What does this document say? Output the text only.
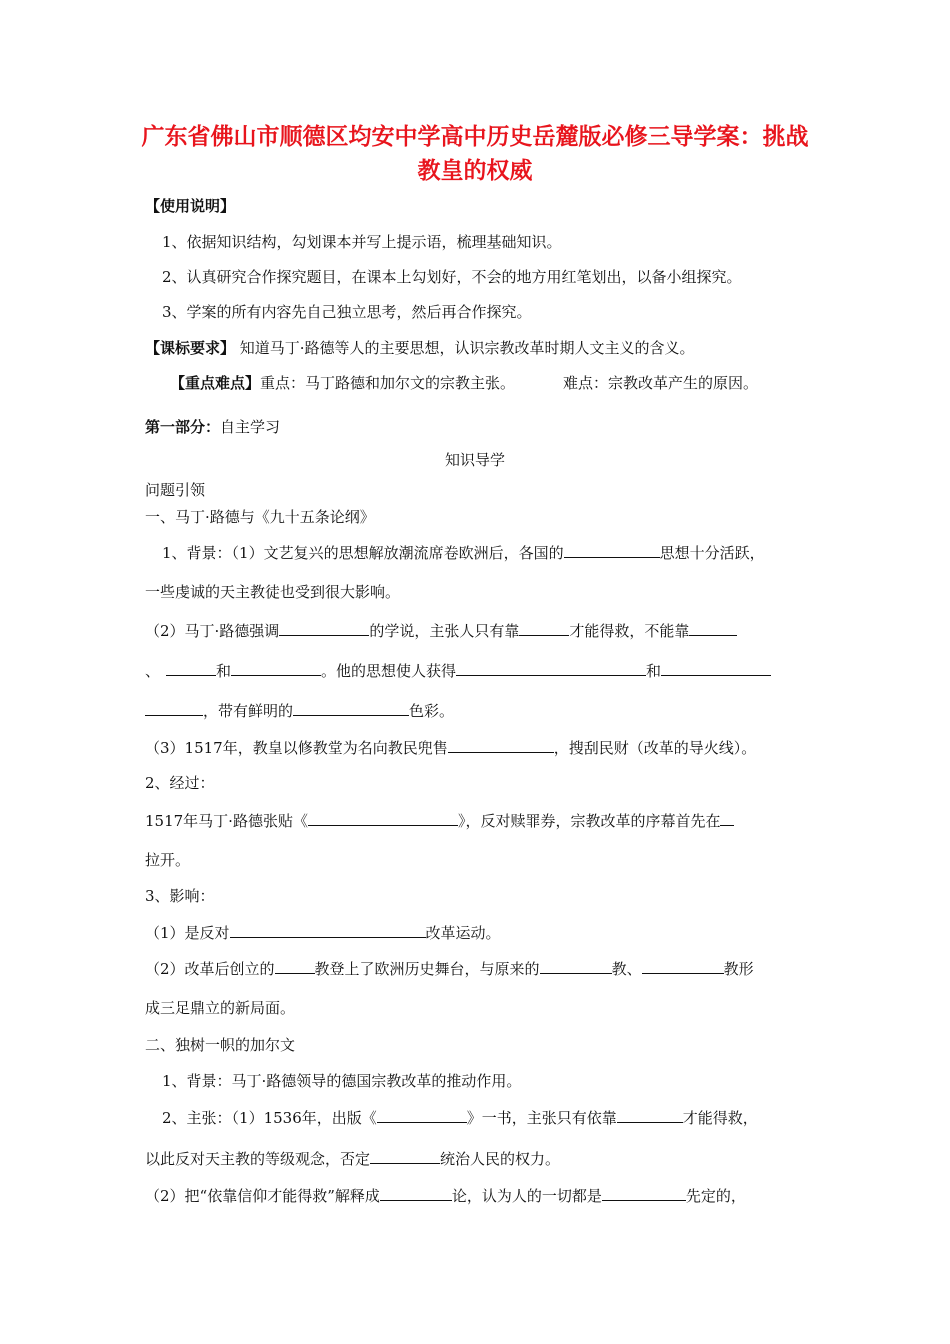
广东省佛山市顺德区均安中学高中历史岳麓版必修三导学案：挑战
教皇的权威
【使用说明】
1、依据知识结构，勾划课本并写上提示语，梳理基础知识。
2、认真研究合作探究题目，在课本上勾划好，不会的地方用红笔划出，以备小组探究。
3、学案的所有内容先自己独立思考，然后再合作探究。
【课标要求】 知道马丁·路德等人的主要思想，认识宗教改革时期人文主义的含义。
【重点难点】重点：马丁路德和加尔文的宗教主张。	难点：宗教改革产生的原因。
第一部分：自主学习
知识导学
问题引领
一、马丁·路德与《九十五条论纲》
1、背景：（1）文艺复兴的思想解放潮流席卷欧洲后，各国的	思想十分活跃，
一些虔诚的天主教徒也受到很大影响。
（2）马丁·路德强调	的学说，主张人只有靠	才能得救，不能靠
、	和	。他的思想使人获得	和
，带有鲜明的	色彩。
（3）1517年，教皇以修教堂为名向教民兜售	，搜刮民财（改革的导火线）。
2、经过：
1517年马丁·路德张贴《	》，反对赎罪券，宗教改革的序幕首先在
拉开。
3、影响：
（1）是反对	改革运动。
（2）改革后创立的	教登上了欧洲历史舞台，与原来的	教、	教形
成三足鼎立的新局面。
二、独树一帜的加尔文
1、背景：马丁·路德领导的德国宗教改革的推动作用。
2、主张：（1）1536年，出版《	》一书，主张只有依靠	才能得救，
以此反对天主教的等级观念，否定	统治人民的权力。
（2）把“依靠信仰才能得救”解释成	论，认为人的一切都是	先定的，
